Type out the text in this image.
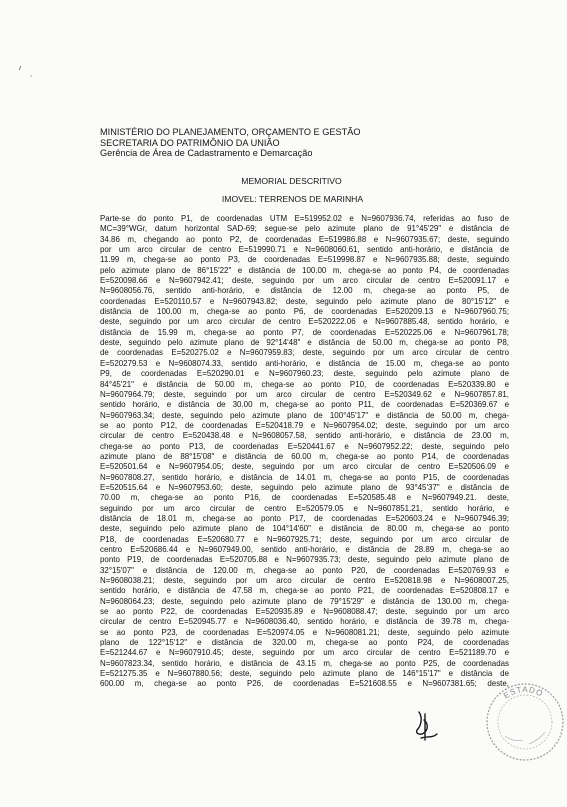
MINISTÉRIO DO PLANEJAMENTO, ORÇAMENTO E GESTÃO
SECRETARIA DO PATRIMÔNIO DA UNIÃO
Gerência de Área de Cadastramento e Demarcação
MEMORIAL DESCRITIVO
IMOVEL: TERRENOS DE MARINHA
Parte-se do ponto P1, de coordenadas UTM E=519952.02 e N=9607936.74, referidas ao fuso de
MC=39°WGr, datum horizontal SAD-69; segue-se pelo azimute plano de 91°45'29" e distância de
34.86 m, chegando ao ponto P2, de coordenadas E=519986.88 e N=9607935.67; deste, seguindo
por um arco circular de centro E=519990.71 e N=9608060.61, sentido anti-horário, e distância de
11.99 m, chega-se ao ponto P3, de coordenadas E=519998.87 e N=9607935.88; deste, seguindo
pelo azimute plano de 86°15'22" e distância de 100.00 m, chega-se ao ponto P4, de coordenadas
E=520098.66 e N=9607942.41; deste, seguindo por um arco circular de centro E=520091.17 e
N=9608056.76, sentido anti-horário, e distância de 12.00 m, chega-se ao ponto P5, de
coordenadas E=520110.57 e N=9607943.82; deste, seguindo pelo azimute plano de 80°15'12" e
distância de 100.00 m, chega-se ao ponto P6, de coordenadas E=520209.13 e N=9607960.75;
deste, seguindo por um arco circular de centro E=520222.06 e N=9607885.48, sentido horário, e
distância de 15.99 m, chega-se ao ponto P7, de coordenadas E=520225.06 e N=9607961.78;
deste, seguindo pelo azimute plano de 92°14'48" e distância de 50.00 m, chega-se ao ponto P8,
de coordenadas E=520275.02 e N=9607959.83; deste, seguindo por um arco circular de centro
E=520279.53 e N=9608074.33, sentido anti-horário, e distância de 15.00 m, chega-se ao ponto
P9, de coordenadas E=520290.01 e N=9607960.23; deste, seguindo pelo azimute plano de
84°45'21" e distância de 50.00 m, chega-se ao ponto P10, de coordenadas E=520339.80 e
N=9607964.79; deste, seguindo por um arco circular de centro E=520349.62 e N=9607857.81,
sentido horário, e distância de 30.00 m, chega-se ao ponto P11, de coordenadas E=520369.67 e
N=9607963.34; deste, seguindo pelo azimute plano de 100°45'17" e distância de 50.00 m, chega-
se ao ponto P12, de coordenadas E=520418.79 e N=9607954.02; deste, seguindo por um arco
circular de centro E=520438.48 e N=9608057.58, sentido anti-horário, e distância de 23.00 m,
chega-se ao ponto P13, de coordenadas E=520441.67 e N=9607952.22; deste, seguindo pelo
azimute plano de 88°15'08" e distância de 60.00 m, chega-se ao ponto P14, de coordenadas
E=520501.64 e N=9607954.05; deste, seguindo por um arco circular de centro E=520506.09 e
N=9607808.27, sentido horário, e distância de 14.01 m, chega-se ao ponto P15, de coordenadas
E=520515.64 e N=9607953.60; deste, seguindo pelo azimute plano de 93°45'37" e distância de
70.00 m, chega-se ao ponto P16, de coordenadas E=520585.48 e N=9607949.21. deste,
seguindo por um arco circular de centro E=520579.05 e N=9607851.21, sentido horário, e
distância de 18.01 m, chega-se ao ponto P17, de coordenadas E=520603.24 e N=9607946.39;
deste, seguindo pelo azimute plano de 104°14'60" e distância de 80.00 m, chega-se ao ponto
P18, de coordenadas E=520680.77 e N=9607925.71; deste, seguindo por um arco circular de
centro E=520686.44 e N=9607949.00, sentido anti-horário, e distância de 28.89 m, chega-se ao
ponto P19, de coordenadas E=520705.88 e N=9607935.73; deste, seguindo pelo azimute plano de
32°15'07" e distância de 120.00 m, chega-se ao ponto P20, de coordenadas E=520769.93 e
N=9608038.21; deste, seguindo por um arco circular de centro E=520818.98 e N=9608007.25,
sentido horário, e distância de 47.58 m, chega-se ao ponto P21, de coordenadas E=520808.17 e
N=9608064.23; deste, seguindo pelo azimute plano de 79°15'29" e distância de 130.00 m, chega-
se ao ponto P22, de coordenadas E=520935.89 e N=9608088.47; deste, seguindo por um arco
circular de centro E=520945.77 e N=9608036.40, sentido horário, e distância de 39.78 m, chega-
se ao ponto P23, de coordenadas E=520974.05 e N=9608081.21; deste, seguindo pelo azimute
plano de 122°15'12" e distância de 320.00 m, chega-se ao ponto P24, de coordenadas
E=521244.67 e N=9607910.45; deste, seguindo por um arco circular de centro E=521189.70 e
N=9607823.34, sentido horário, e distância de 43.15 m, chega-se ao ponto P25, de coordenadas
E=521275.35 e N=9607880.56; deste, seguindo pelo azimute plano de 146°15'17" e distância de
600.00 m, chega-se ao ponto P26, de coordenadas E=521608.55 e N=9607381.65; deste,
ESTADO
